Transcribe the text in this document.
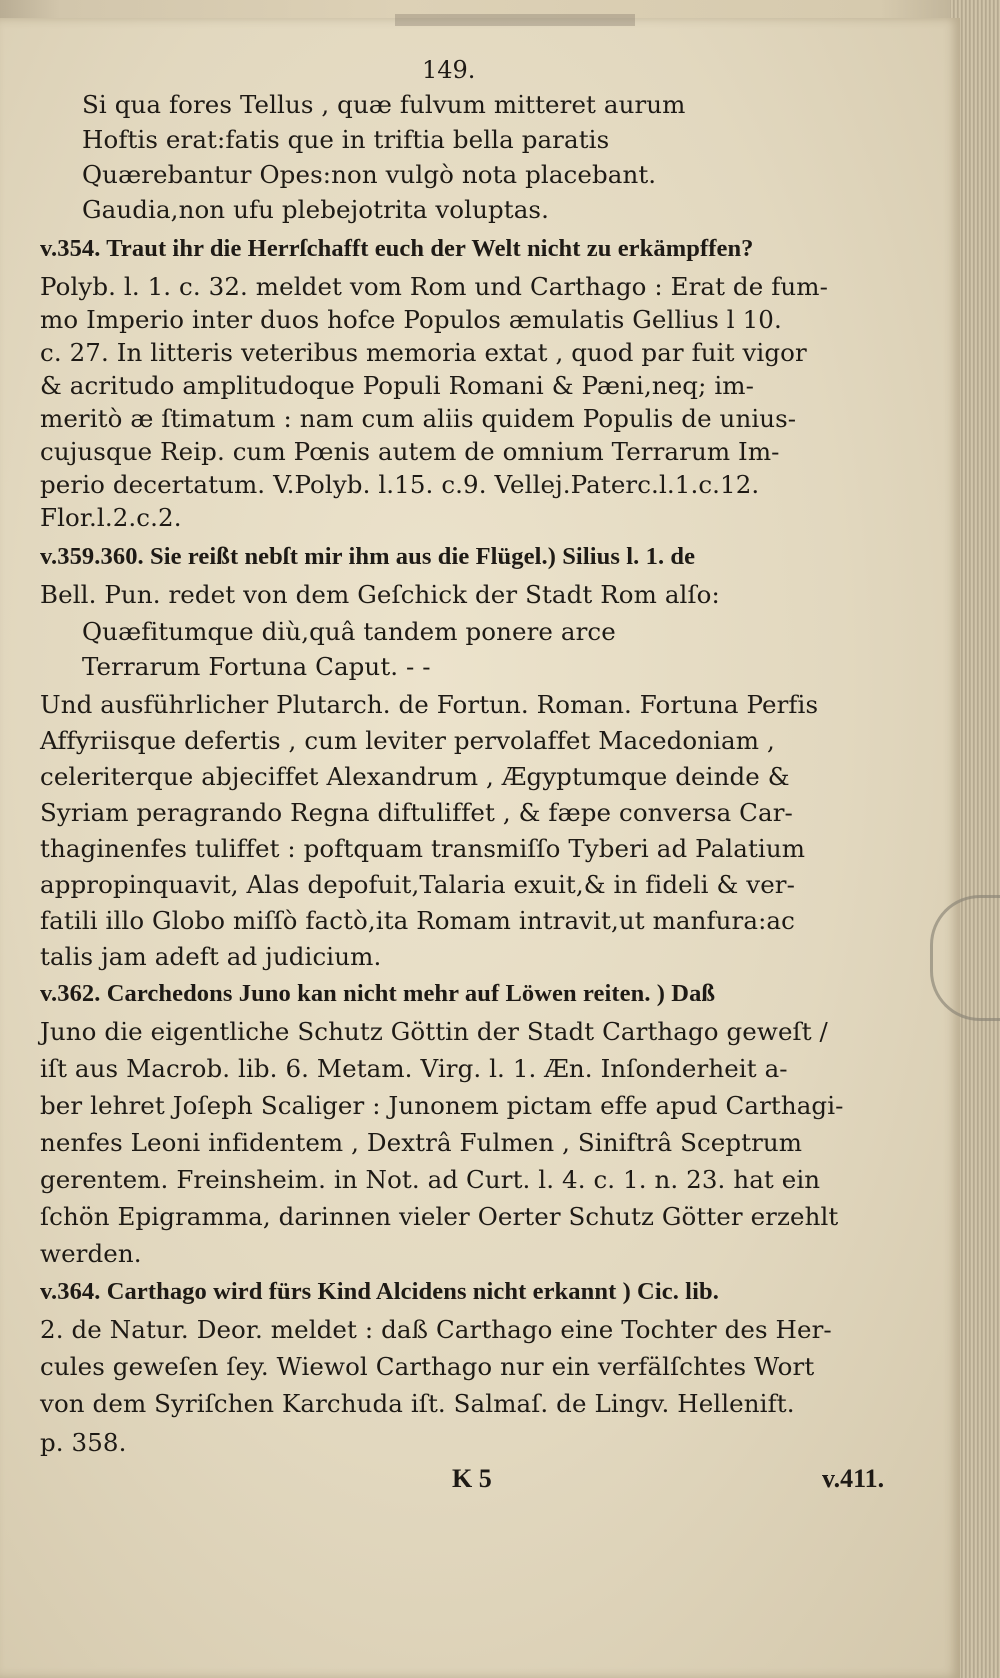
149.
Si qua fores Tellus , quæ fulvum mitteret aurum
Hoftis erat:fatis que in triftia bella paratis
Quærebantur Opes:non vulgò nota placebant.
Gaudia,non ufu plebejotrita voluptas.
v.354. Traut ihr die Herrſchafft euch der Welt nicht zu erkämpffen?
Polyb. l. 1. c. 32. meldet vom Rom und Carthago : Erat de fum-
mo Imperio inter duos hofce Populos æmulatis Gellius l 10.
c. 27. In litteris veteribus memoria extat , quod par fuit vigor
& acritudo amplitudoque Populi Romani & Pæni,neq; im-
meritò æ ſtimatum : nam cum aliis quidem Populis de unius-
cujusque Reip. cum Pœnis autem de omnium Terrarum Im-
perio decertatum. V.Polyb. l.15. c.9. Vellej.Paterc.l.1.c.12.
Flor.l.2.c.2.
v.359.360. Sie reißt nebſt mir ihm aus die Flügel.) Silius l. 1. de
Bell. Pun. redet von dem Geſchick der Stadt Rom alſo:
Quæfitumque diù,quâ tandem ponere arce
Terrarum Fortuna Caput. - -
Und ausführlicher Plutarch. de Fortun. Roman. Fortuna Perfis
Affyriisque defertis , cum leviter pervolaffet Macedoniam ,
celeriterque abjeciffet Alexandrum , Ægyptumque deinde &
Syriam peragrando Regna diftuliffet , & fæpe conversa Car-
thaginenfes tuliffet : poftquam transmiſſo Tyberi ad Palatium
appropinquavit, Alas depofuit,Talaria exuit,& in fideli & ver-
fatili illo Globo miſſò factò,ita Romam intravit,ut manfura:ac
talis jam adeft ad judicium.
v.362. Carchedons Juno kan nicht mehr auf Löwen reiten. ) Daß
Juno die eigentliche Schutz Göttin der Stadt Carthago geweſt /
iſt aus Macrob. lib. 6. Metam. Virg. l. 1. Æn. Inſonderheit a-
ber lehret Joſeph Scaliger : Junonem pictam effe apud Carthagi-
nenfes Leoni infidentem , Dextrâ Fulmen , Siniftrâ Sceptrum
gerentem. Freinsheim. in Not. ad Curt. l. 4. c. 1. n. 23. hat ein
ſchön Epigramma, darinnen vieler Oerter Schutz Götter erzehlt
werden.
v.364. Carthago wird fürs Kind Alcidens nicht erkannt ) Cic. lib.
2. de Natur. Deor. meldet : daß Carthago eine Tochter des Her-
cules geweſen ſey. Wiewol Carthago nur ein verfälſchtes Wort
von dem Syriſchen Karchuda iſt. Salmaſ. de Lingv. Hellenift.
p. 358.
K 5	v.411.
